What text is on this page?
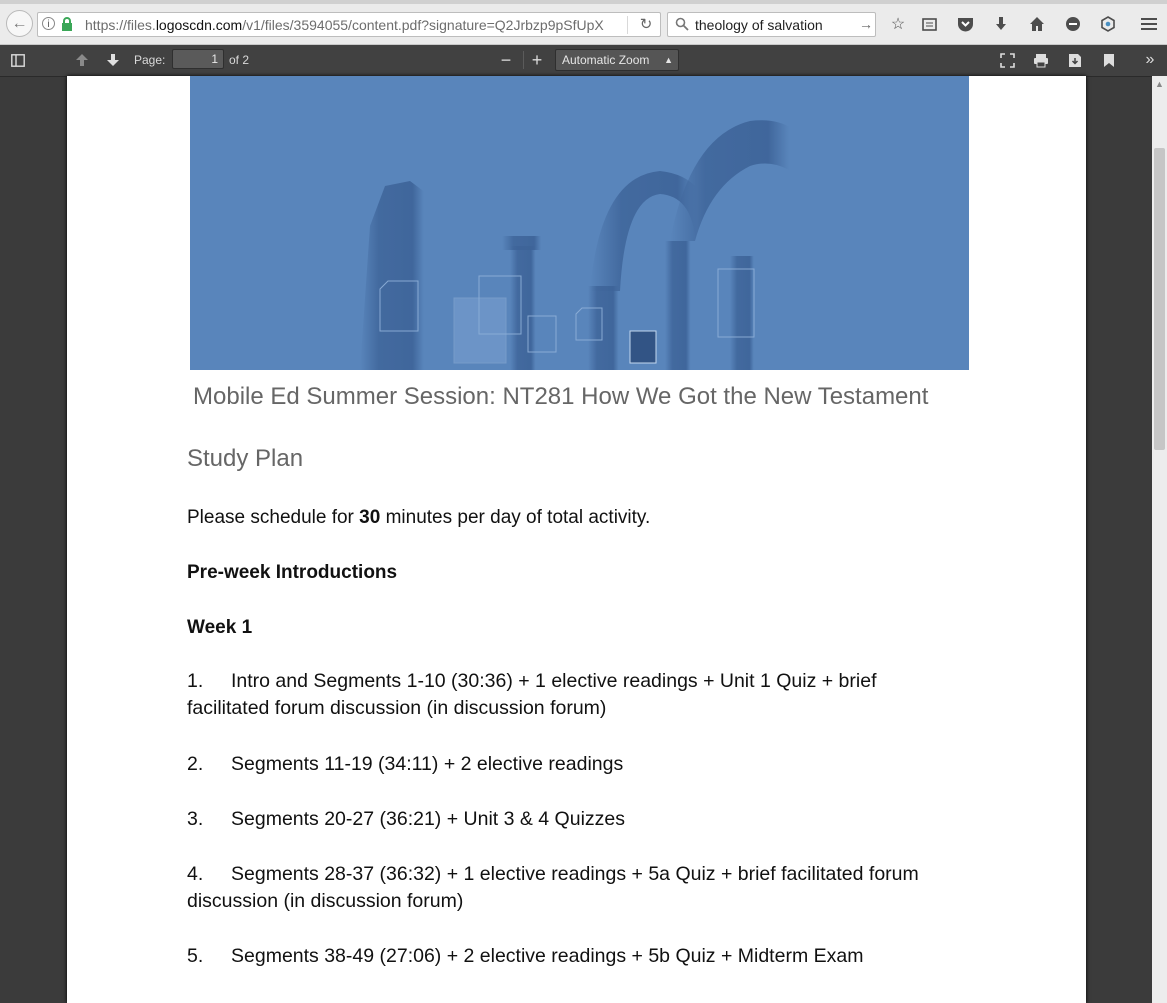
←	i	https://files.logoscdn.com/v1/files/3594055/content.pdf?signature=Q2Jrbzp9pSfUpX	↻	theology of salvation	→ ☆
Page:	1 of 2	−	+	Automatic Zoom ▲	»
Mobile Ed Summer Session: NT281 How We Got the New Testament
Study Plan
Please schedule for 30 minutes per day of total activity.
Pre-week Introductions
Week 1
1. Intro and Segments 1-10 (30:36) + 1 elective readings + Unit 1 Quiz + brief facilitated forum discussion (in discussion forum)
2. Segments 11-19 (34:11) + 2 elective readings
3. Segments 20-27 (36:21) + Unit 3 & 4 Quizzes
4. Segments 28-37 (36:32) + 1 elective readings + 5a Quiz + brief facilitated forum discussion (in discussion forum)
5. Segments 38-49 (27:06) + 2 elective readings + 5b Quiz + Midterm Exam
▲
